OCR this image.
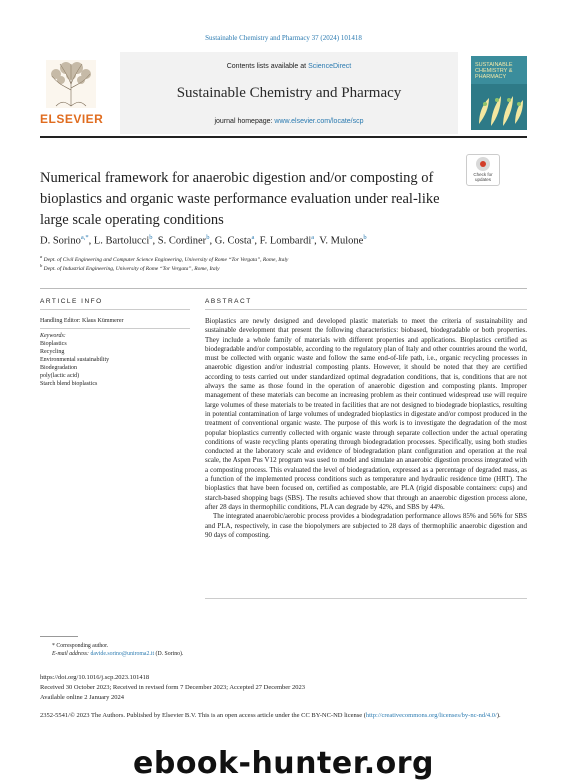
Sustainable Chemistry and Pharmacy 37 (2024) 101418
ELSEVIER
Contents lists available at ScienceDirect
Sustainable Chemistry and Pharmacy
journal homepage: www.elsevier.com/locate/scp
SUSTAINABLE CHEMISTRY & PHARMACY
Numerical framework for anaerobic digestion and/or composting of bioplastics and organic waste performance evaluation under real-like large scale operating conditions
Check for
updates
D. Sorino$^{a,*}$, L. Bartolucci$^b$, S. Cordiner$^b$, G. Costa$^a$, F. Lombardi$^a$, V. Mulone$^b$
$^a$ Dept. of Civil Engineering and Computer Science Engineering, University of Rome “Tor Vergata”, Rome, Italy
$^b$ Dept. of Industrial Engineering, University of Rome “Tor Vergata”, Rome, Italy
ARTICLE INFO
Handling Editor: Klaus Kümmerer
Keywords:
Bioplastics
Recycling
Environmental sustainability
Biodegradation
poly(lactic acid)
Starch blend bioplastics
ABSTRACT

Bioplastics are newly designed and developed plastic materials to meet the criteria of sustainability and sustainable development that present the following characteristics: biobased, biodegradable or both properties. They include a whole family of materials with different properties and applications. Bioplastics certified as biodegradable and/or compostable, according to the regulatory plan of Italy and other countries around the world, must be collected with organic waste and follow the same end-of-life path, i.e., organic recycling processes in anaerobic digestion and/or industrial composting plants. However, it should be noted that they are certified according to tests carried out under standardized optimal degradation conditions, that is, conditions that are not always the same as those found in the operation of anaerobic digestion and composting plants. Improper management of these materials can become an increasing problem as their continued widespread use will require large volumes of these materials to be treated in facilities that are not designed to biodegrade bioplastics, resulting in potential contamination of large volumes of undegraded bioplastics in digestate and/or compost produced in the treatment of conventional organic waste. The purpose of this work is to investigate the degradation of the most popular bioplastics currently collected with organic waste through separate collection under the actual operating conditions of waste recycling plants operating through biodegradation processes. Specifically, using both studies conducted at the laboratory scale and evidence of biodegradation plant configuration and operation at the real scale, the Aspen Pus V12 program was used to model and simulate an anaerobic digestion process integrated with a composting process. This evaluated the level of biodegradation, expressed as a percentage of degraded mass, as a function of the implemented process conditions such as temperature and hydraulic residence time (HRT). The bioplastics that have been focused on, certified as compostable, are PLA (rigid disposable containers: cups) and starch-based shopping bags (SBS). The results achieved show that through an anaerobic digestion process alone, after 28 days in thermophilic conditions, PLA can degrade by 42%, and SBS by 44%.

The integrated anaerobic/aerobic process provides a biodegradation performance allows 85% and 56% for SBS and PLA, respectively, in case the biopolymers are subjected to 28 days of thermophilic anaerobic digestion and 90 days of composting.

* Corresponding author.
E-mail address: davide.sorino@uniroma2.it (D. Sorino).
https://doi.org/10.1016/j.scp.2023.101418
Received 30 October 2023; Received in revised form 7 December 2023; Accepted 27 December 2023
Available online 2 January 2024
2352-5541/© 2023 The Authors. Published by Elsevier B.V. This is an open access article under the CC BY-NC-ND license (http://creativecommons.org/licenses/by-nc-nd/4.0/).
ebook-hunter.org
